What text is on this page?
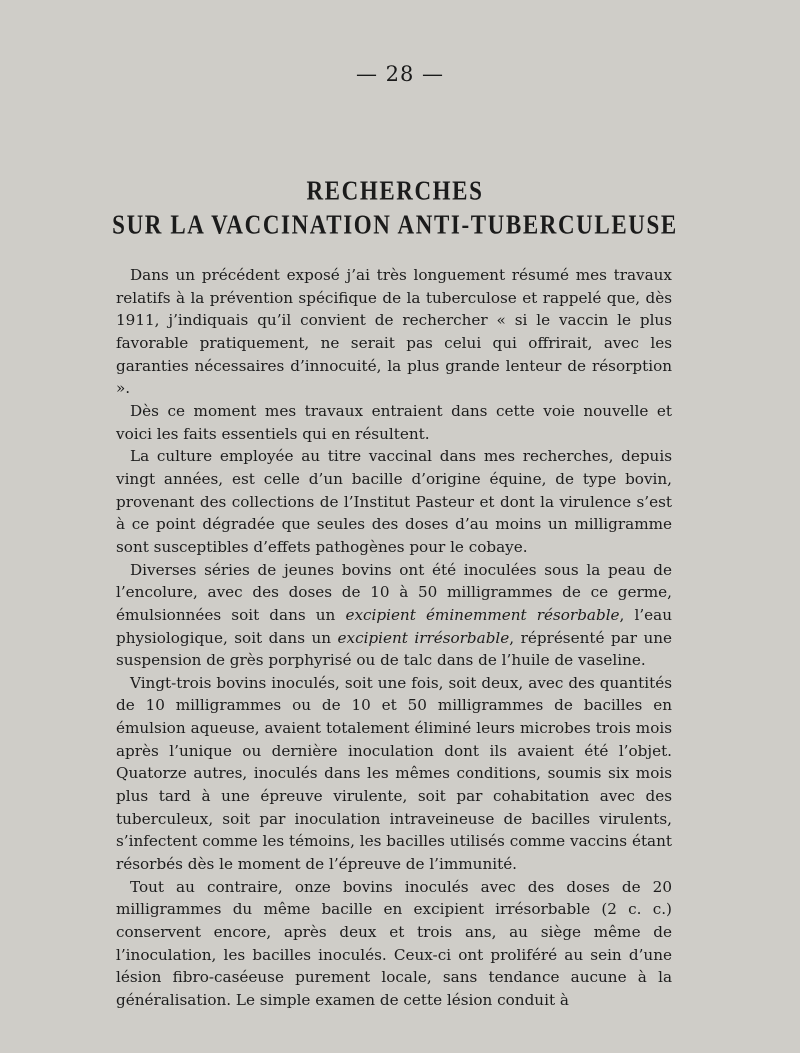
— 28 —
RECHERCHES
SUR LA VACCINATION ANTI-TUBERCULEUSE

Dans un précédent exposé j’ai très longuement résumé mes travaux relatifs à la prévention spécifique de la tuberculose et rappelé que, dès 1911, j’indiquais qu’il convient de rechercher « si le vaccin le plus favorable pratiquement, ne serait pas celui qui offrirait, avec les garanties nécessaires d’innocuité, la plus grande lenteur de résorption ».

Dès ce moment mes travaux entraient dans cette voie nouvelle et voici les faits essentiels qui en résultent.

La culture employée au titre vaccinal dans mes recherches, depuis vingt années, est celle d’un bacille d’origine équine, de type bovin, provenant des collections de l’Institut Pasteur et dont la virulence s’est à ce point dégradée que seules des doses d’au moins un milligramme sont susceptibles d’effets pathogènes pour le cobaye.

Diverses séries de jeunes bovins ont été inoculées sous la peau de l’encolure, avec des doses de 10 à 50 milligrammes de ce germe, émulsionnées soit dans un excipient éminemment résorbable, l’eau physiologique, soit dans un excipient irrésorbable, réprésenté par une suspension de grès porphyrisé ou de talc dans de l’huile de vaseline.

Vingt-trois bovins inoculés, soit une fois, soit deux, avec des quantités de 10 milligrammes ou de 10 et 50 milligrammes de bacilles en émulsion aqueuse, avaient totalement éliminé leurs microbes trois mois après l’unique ou dernière inoculation dont ils avaient été l’objet. Quatorze autres, inoculés dans les mêmes conditions, soumis six mois plus tard à une épreuve virulente, soit par cohabitation avec des tuberculeux, soit par inoculation intraveineuse de bacilles virulents, s’infectent comme les témoins, les bacilles utilisés comme vaccins étant résorbés dès le moment de l’épreuve de l’immunité.

Tout au contraire, onze bovins inoculés avec des doses de 20 milligrammes du même bacille en excipient irrésorbable (2 c. c.) conservent encore, après deux et trois ans, au siège même de l’inoculation, les bacilles inoculés. Ceux-ci ont proliféré au sein d’une lésion fibro-caséeuse purement locale, sans tendance aucune à la généralisation. Le simple examen de cette lésion conduit à
